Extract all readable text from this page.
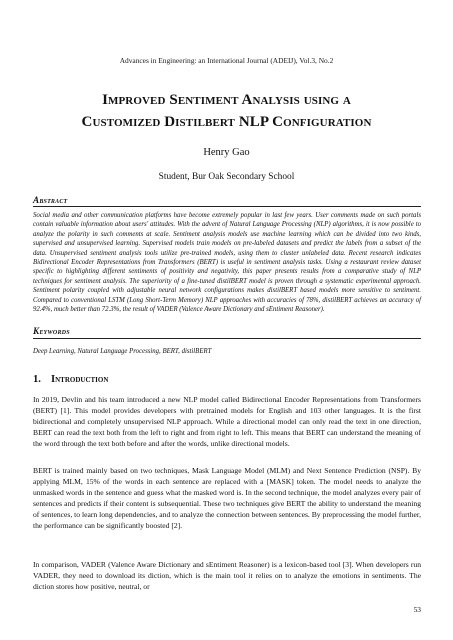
Advances in Engineering: an International Journal (ADEIJ), Vol.3, No.2
Improved Sentiment Analysis using a
Customized Distilbert NLP Configuration
Henry Gao
Student, Bur Oak Secondary School
Abstract
Social media and other communication platforms have become extremely popular in last few years. User comments made on such portals contain valuable information about users' attitudes. With the advent of Natural Language Processing (NLP) algorithms, it is now possible to analyze the polarity in such comments at scale. Sentiment analysis models use machine learning which can be divided into two kinds, supervised and unsupervised learning. Supervised models train models on pre-labeled datasets and predict the labels from a subset of the data. Unsupervised sentiment analysis tools utilize pre-trained models, using them to cluster unlabeled data. Recent research indicates Bidirectional Encoder Representations from Transformers (BERT) is useful in sentiment analysis tasks. Using a restaurant review dataset specific to highlighting different sentiments of positivity and negativity, this paper presents results from a comparative study of NLP techniques for sentiment analysis. The superiority of a fine-tuned distilBERT model is proven through a systematic experimental approach. Sentiment polarity coupled with adjustable neural network configurations makes distilBERT based models more sensitive to sentiment. Compared to conventional LSTM (Long Short-Term Memory) NLP approaches with accuracies of 78%, distilBERT achieves an accuracy of 92.4%, much better than 72.3%, the result of VADER (Valence Aware Dictionary and sEntiment Reasoner).
Keywords
Deep Learning, Natural Language Processing, BERT, distilBERT
1. Introduction
In 2019, Devlin and his team introduced a new NLP model called Bidirectional Encoder Representations from Transformers (BERT) [1]. This model provides developers with pretrained models for English and 103 other languages. It is the first bidirectional and completely unsupervised NLP approach. While a directional model can only read the text in one direction, BERT can read the text both from the left to right and from right to left. This means that BERT can understand the meaning of the word through the text both before and after the words, unlike directional models.
BERT is trained mainly based on two techniques, Mask Language Model (MLM) and Next Sentence Prediction (NSP). By applying MLM, 15% of the words in each sentence are replaced with a [MASK] token. The model needs to analyze the unmasked words in the sentence and guess what the masked word is. In the second technique, the model analyzes every pair of sentences and predicts if their content is subsequential. These two techniques give BERT the ability to understand the meaning of sentences, to learn long dependencies, and to analyze the connection between sentences. By preprocessing the model further, the performance can be significantly boosted [2].
In comparison, VADER (Valence Aware Dictionary and sEntiment Reasoner) is a lexicon-based tool [3]. When developers run VADER, they need to download its diction, which is the main tool it relies on to analyze the emotions in sentiments. The diction stores how positive, neutral, or
53
